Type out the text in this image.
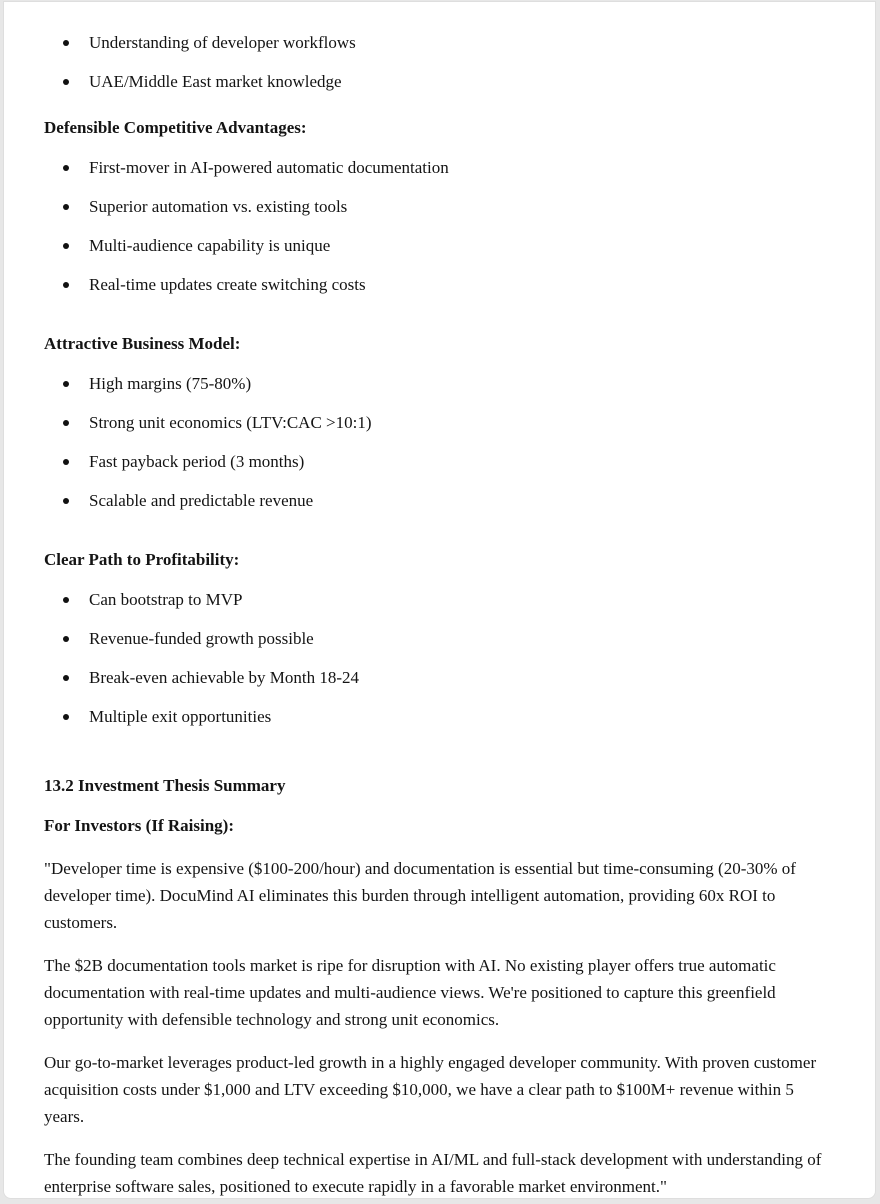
Understanding of developer workflows
UAE/Middle East market knowledge
Defensible Competitive Advantages:
First-mover in AI-powered automatic documentation
Superior automation vs. existing tools
Multi-audience capability is unique
Real-time updates create switching costs
Attractive Business Model:
High margins (75-80%)
Strong unit economics (LTV:CAC >10:1)
Fast payback period (3 months)
Scalable and predictable revenue
Clear Path to Profitability:
Can bootstrap to MVP
Revenue-funded growth possible
Break-even achievable by Month 18-24
Multiple exit opportunities
13.2 Investment Thesis Summary
For Investors (If Raising):

"Developer time is expensive ($100-200/hour) and documentation is essential but time-consuming (20-30% of developer time). DocuMind AI eliminates this burden through intelligent automation, providing 60x ROI to customers.

The $2B documentation tools market is ripe for disruption with AI. No existing player offers true automatic documentation with real-time updates and multi-audience views. We're positioned to capture this greenfield opportunity with defensible technology and strong unit economics.

Our go-to-market leverages product-led growth in a highly engaged developer community. With proven customer acquisition costs under $1,000 and LTV exceeding $10,000, we have a clear path to $100M+ revenue within 5 years.

The founding team combines deep technical expertise in AI/ML and full-stack development with understanding of enterprise software sales, positioned to execute rapidly in a favorable market environment."
